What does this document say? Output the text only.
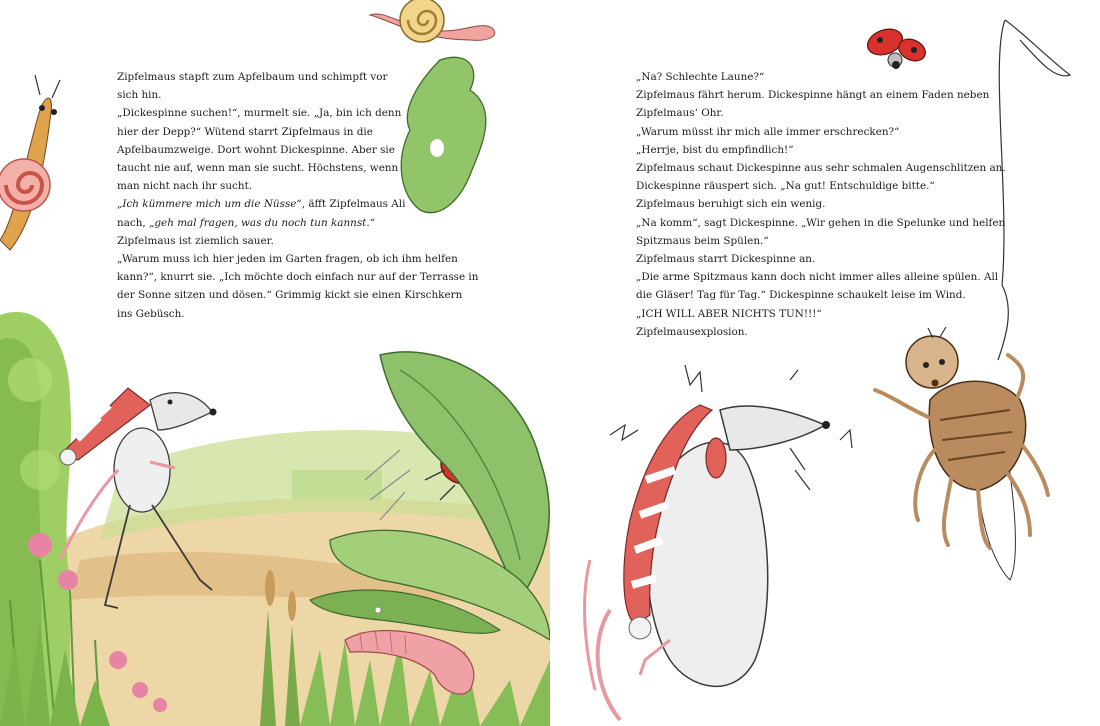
Zipfelmaus stapft zum Apfelbaum und schimpft vor

sich hin.

„Dickespinne suchen!“, murmelt sie. „Ja, bin ich denn

hier der Depp?“ Wütend starrt Zipfelmaus in die

Apfelbaumzweige. Dort wohnt Dickespinne. Aber sie

taucht nie auf, wenn man sie sucht. Höchstens, wenn

man nicht nach ihr sucht.

„Ich kümmere mich um die Nüsse“, äfft Zipfelmaus Ali

nach, „geh mal fragen, was du noch tun kannst.“

Zipfelmaus ist ziemlich sauer.

„Warum muss ich hier jeden im Garten fragen, ob ich ihm helfen

kann?“, knurrt sie. „Ich möchte doch einfach nur auf der Terrasse in

der Sonne sitzen und dösen.“ Grimmig kickt sie einen Kirschkern

ins Gebüsch.

„Na? Schlechte Laune?“

Zipfelmaus fährt herum. Dickespinne hängt an einem Faden neben

Zipfelmaus‘ Ohr.

„Warum müsst ihr mich alle immer erschrecken?“

„Herrje, bist du empfindlich!“

Zipfelmaus schaut Dickespinne aus sehr schmalen Augenschlitzen an.

Dickespinne räuspert sich. „Na gut! Entschuldige bitte.“

Zipfelmaus beruhigt sich ein wenig.

„Na komm“, sagt Dickespinne. „Wir gehen in die Spelunke und helfen

Spitzmaus beim Spülen.“

Zipfelmaus starrt Dickespinne an.

„Die arme Spitzmaus kann doch nicht immer alles alleine spülen. All

die Gläser! Tag für Tag.“ Dickespinne schaukelt leise im Wind.

„ICH WILL ABER NICHTS TUN!!!“

Zipfelmausexplosion.
